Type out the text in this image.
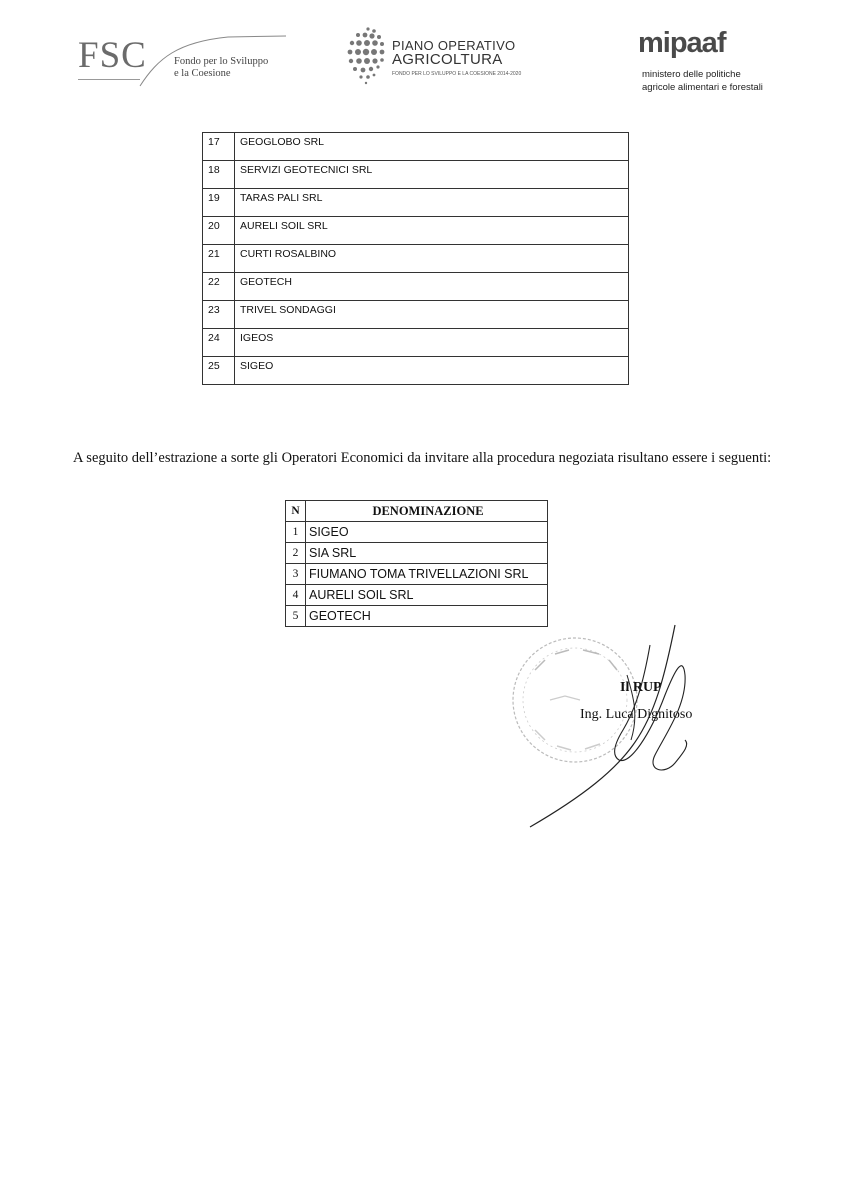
FSC	Fondo per lo Sviluppo
e la Coesione
PIANO OPERATIVO
AGRICOLTURA
FONDO PER LO SVILUPPO E LA COESIONE 2014-2020
mipaaf
ministero delle politiche
agricole alimentari e forestali
17	GEOGLOBO SRL
18	SERVIZI GEOTECNICI SRL
19	TARAS PALI SRL
20	AURELI SOIL SRL
21	CURTI ROSALBINO
22	GEOTECH
23	TRIVEL SONDAGGI
24	IGEOS
25	SIGEO
A seguito dell’estrazione a sorte gli Operatori Economici da invitare alla procedura negoziata risultano essere i seguenti:
N	DENOMINAZIONE
1	SIGEO
2	SIA SRL
3	FIUMANO TOMA TRIVELLAZIONI SRL
4	AURELI SOIL SRL
5	GEOTECH
Il RUP
Ing. Luca Dignitoso
